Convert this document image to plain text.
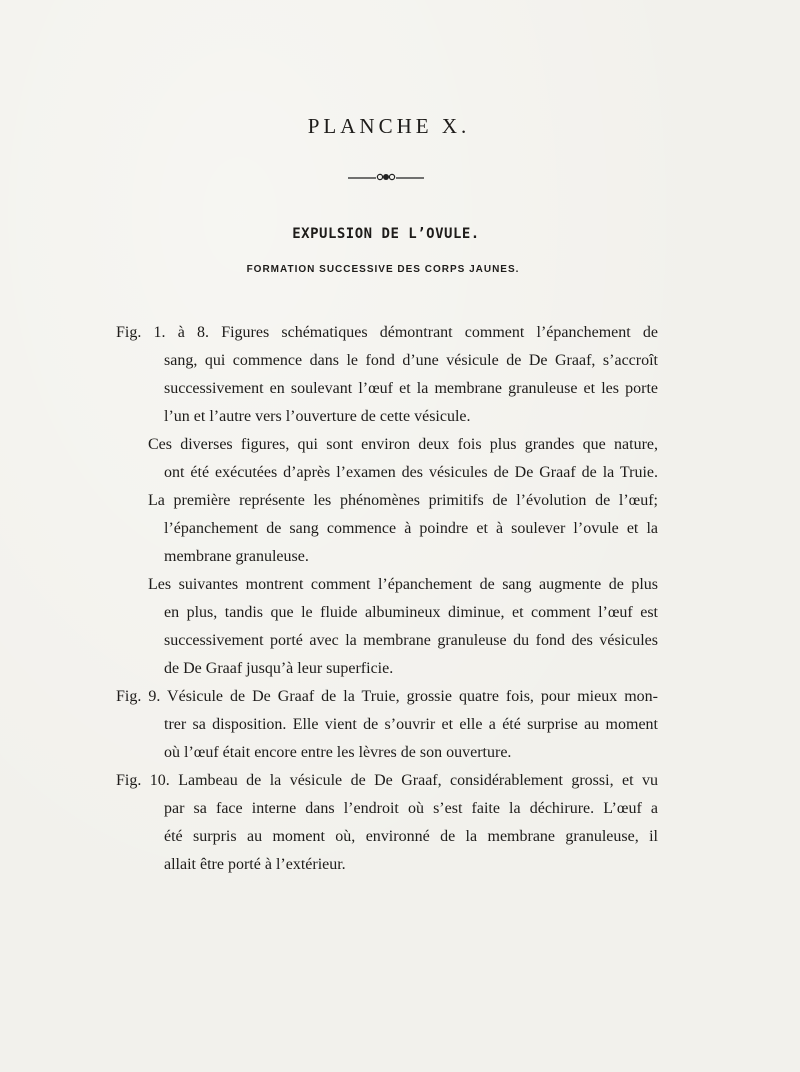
PLANCHE X.
EXPULSION DE L’OVULE.
FORMATION SUCCESSIVE DES CORPS JAUNES.
Fig. 1. à 8. Figures schématiques démontrant comment l’épanchement de
sang, qui commence dans le fond d’une vésicule de De Graaf, s’accroît
successivement en soulevant l’œuf et la membrane granuleuse et les porte
l’un et l’autre vers l’ouverture de cette vésicule.
Ces diverses figures, qui sont environ deux fois plus grandes que nature,
ont été exécutées d’après l’examen des vésicules de De Graaf de la Truie.
La première représente les phénomènes primitifs de l’évolution de l’œuf;
l’épanchement de sang commence à poindre et à soulever l’ovule et la
membrane granuleuse.
Les suivantes montrent comment l’épanchement de sang augmente de plus
en plus, tandis que le fluide albumineux diminue, et comment l’œuf est
successivement porté avec la membrane granuleuse du fond des vésicules
de De Graaf jusqu’à leur superficie.
Fig. 9. Vésicule de De Graaf de la Truie, grossie quatre fois, pour mieux mon-
trer sa disposition. Elle vient de s’ouvrir et elle a été surprise au moment
où l’œuf était encore entre les lèvres de son ouverture.
Fig. 10. Lambeau de la vésicule de De Graaf, considérablement grossi, et vu
par sa face interne dans l’endroit où s’est faite la déchirure. L’œuf a
été surpris au moment où, environné de la membrane granuleuse, il
allait être porté à l’extérieur.
